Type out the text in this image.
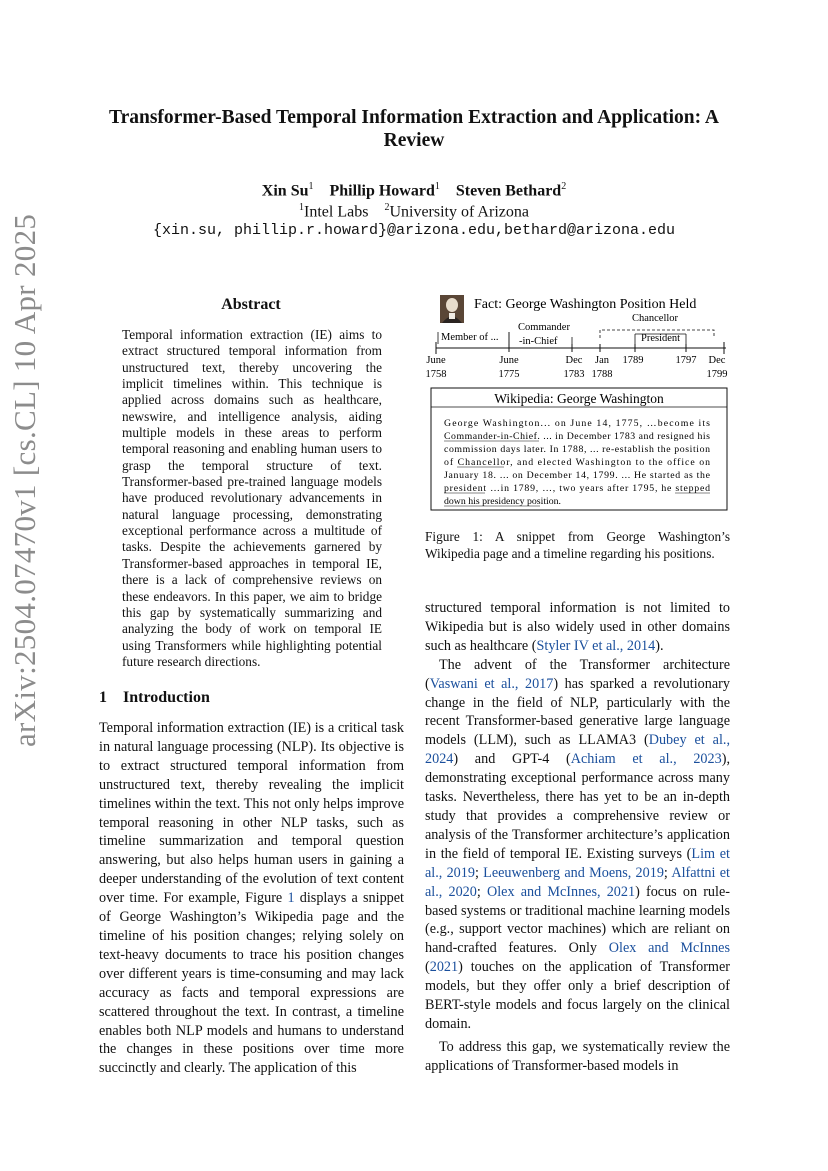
arXiv:2504.07470v1 [cs.CL] 10 Apr 2025
Transformer-Based Temporal Information Extraction and Application: A Review
Xin Su$^1$ Phillip Howard$^1$ Steven Bethard$^2$
$^1$Intel Labs $^2$University of Arizona
{xin.su, phillip.r.howard}@arizona.edu,bethard@arizona.edu
Abstract
Temporal information extraction (IE) aims to extract structured temporal information from unstructured text, thereby uncovering the implicit timelines within. This technique is applied across domains such as healthcare, newswire, and intelligence analysis, aiding multiple models in these areas to perform temporal reasoning and enabling human users to grasp the temporal structure of text. Transformer-based pre-trained language models have produced revolutionary advancements in natural language processing, demonstrating exceptional performance across a multitude of tasks. Despite the achievements garnered by Transformer-based approaches in temporal IE, there is a lack of comprehensive reviews on these endeavors. In this paper, we aim to bridge this gap by systematically summarizing and analyzing the body of work on temporal IE using Transformers while highlighting potential future research directions.
1 Introduction
Temporal information extraction (IE) is a critical task in natural language processing (NLP). Its objective is to extract structured temporal information from unstructured text, thereby revealing the implicit timelines within the text. This not only helps improve temporal reasoning in other NLP tasks, such as timeline summarization and temporal question answering, but also helps human users in gaining a deeper understanding of the evolution of text content over time. For example, Figure 1 displays a snippet of George Washington’s Wikipedia page and the timeline of his position changes; relying solely on text-heavy documents to trace his position changes over different years is time-consuming and may lack accuracy as facts and temporal expressions are scattered throughout the text. In contrast, a timeline enables both NLP models and humans to understand the changes in these positions over time more succinctly and clearly. The application of this
Fact: George Washington Position Held
Chancellor
Commander
Member of ... -in-Chief	President
June
1758
June
1775
Dec
1783
Jan
1788
1789	1797 Dec
1799
Wikipedia: George Washington
George Washington... on June 14, 1775, …become its
Commander-in-Chief. ... in December 1783 and resigned his
commission days later. In 1788, ... re-establish the position
of Chancellor, and elected Washington to the office on
January 18. ... on December 14, 1799. ... He started as the
president …in 1789, …, two years after 1795, he stepped
down his presidency position.
Figure 1: A snippet from George Washington’s Wikipedia page and a timeline regarding his positions.

structured temporal information is not limited to Wikipedia but is also widely used in other domains such as healthcare (Styler IV et al., 2014).

The advent of the Transformer architecture (Vaswani et al., 2017) has sparked a revolutionary change in the field of NLP, particularly with the recent Transformer-based generative large language models (LLM), such as LLAMA3 (Dubey et al., 2024) and GPT-4 (Achiam et al., 2023), demonstrating exceptional performance across many tasks. Nevertheless, there has yet to be an in-depth study that provides a comprehensive review or analysis of the Transformer architecture’s application in the field of temporal IE. Existing surveys (Lim et al., 2019; Leeuwenberg and Moens, 2019; Alfattni et al., 2020; Olex and McInnes, 2021) focus on rule-based systems or traditional machine learning models (e.g., support vector machines) which are reliant on hand-crafted features. Only Olex and McInnes (2021) touches on the application of Transformer models, but they offer only a brief description of BERT-style models and focus largely on the clinical domain.

To address this gap, we systematically review the applications of Transformer-based models in
